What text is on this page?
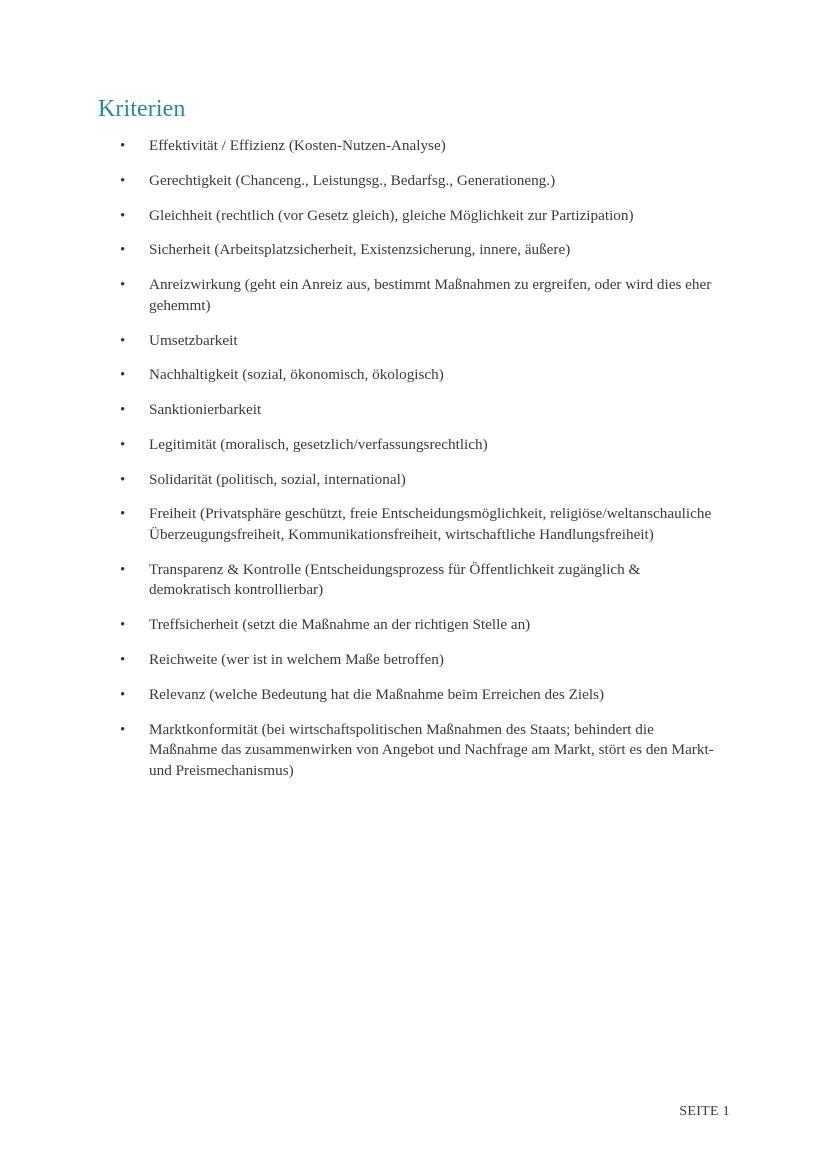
Kriterien
•	Effektivität / Effizienz (Kosten-Nutzen-Analyse)
•	Gerechtigkeit (Chanceng., Leistungsg., Bedarfsg., Generationeng.)
•	Gleichheit (rechtlich (vor Gesetz gleich), gleiche Möglichkeit zur Partizipation)
•	Sicherheit (Arbeitsplatzsicherheit, Existenzsicherung, innere, äußere)
•	Anreizwirkung (geht ein Anreiz aus, bestimmt Maßnahmen zu ergreifen, oder wird dies eher gehemmt)
•	Umsetzbarkeit
•	Nachhaltigkeit (sozial, ökonomisch, ökologisch)
•	Sanktionierbarkeit
•	Legitimität (moralisch, gesetzlich/verfassungsrechtlich)
•	Solidarität (politisch, sozial, international)
•	Freiheit (Privatsphäre geschützt, freie Entscheidungsmöglichkeit, religiöse/weltanschauliche Überzeugungsfreiheit, Kommunikationsfreiheit, wirtschaftliche Handlungsfreiheit)
•	Transparenz & Kontrolle (Entscheidungsprozess für Öffentlichkeit zugänglich & demokratisch kontrollierbar)
•	Treffsicherheit (setzt die Maßnahme an der richtigen Stelle an)
•	Reichweite (wer ist in welchem Maße betroffen)
•	Relevanz (welche Bedeutung hat die Maßnahme beim Erreichen des Ziels)
•	Marktkonformität (bei wirtschaftspolitischen Maßnahmen des Staats; behindert die Maßnahme das zusammenwirken von Angebot und Nachfrage am Markt, stört es den Markt- und Preismechanismus)
SEITE 1
